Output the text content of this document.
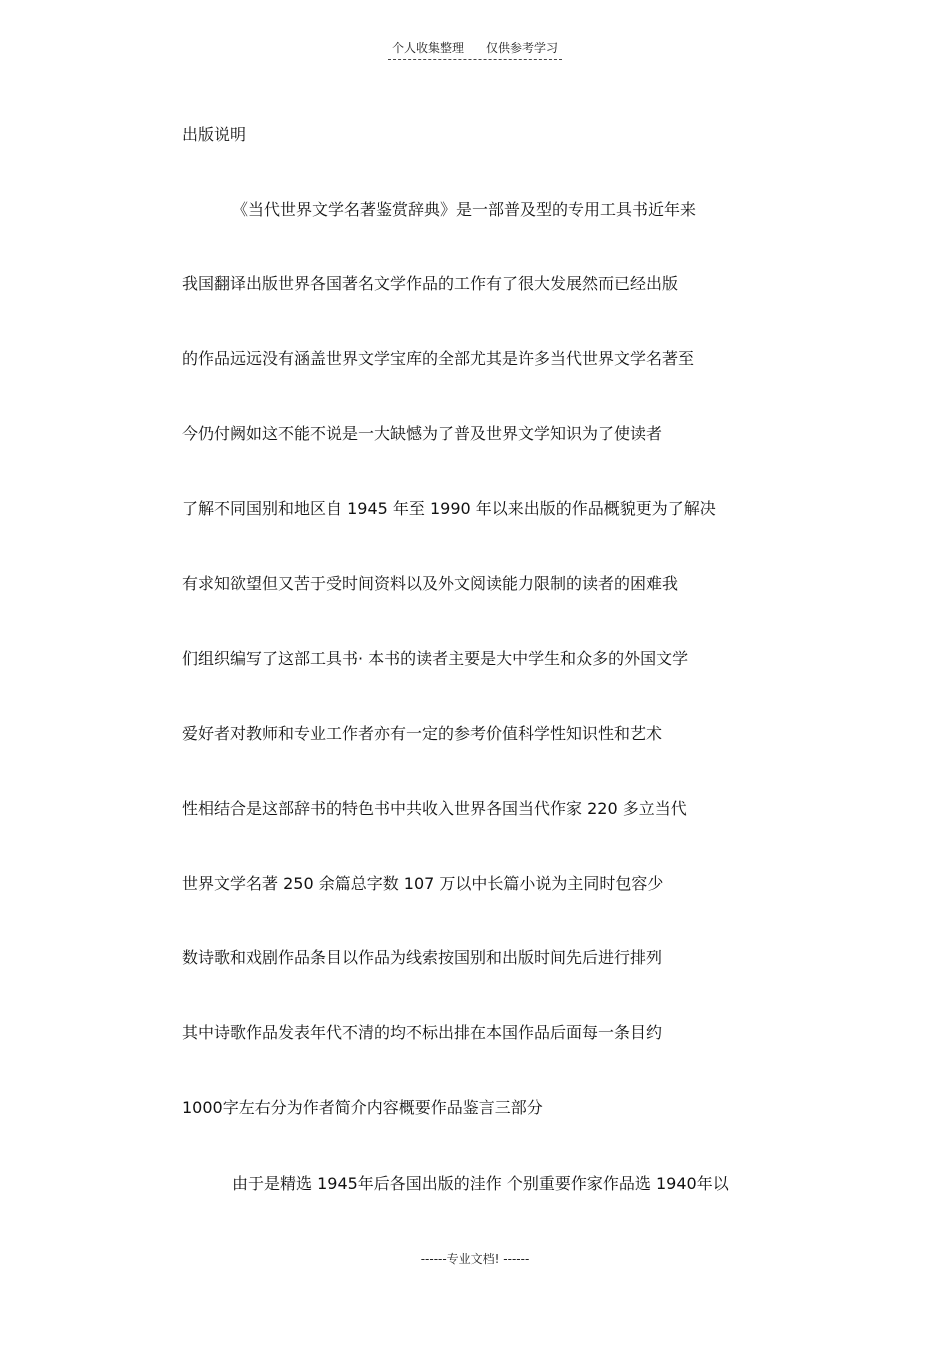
个人收集整理 仅供参考学习
出版说明
《当代世界文学名著鉴赏辞典》是一部普及型的专用工具书近年来
我国翻译出版世界各国著名文学作品的工作有了很大发展然而已经出版
的作品远远没有涵盖世界文学宝库的全部尤其是许多当代世界文学名著至
今仍付阙如这不能不说是一大缺憾为了普及世界文学知识为了使读者
了解不同国别和地区自 1945 年至 1990 年以来出版的作品概貌更为了解决
有求知欲望但又苦于受时间资料以及外文阅读能力限制的读者的困难我
们组织编写了这部工具书· 本书的读者主要是大中学生和众多的外国文学
爱好者对教师和专业工作者亦有一定的参考价值科学性知识性和艺术
性相结合是这部辞书的特色书中共收入世界各国当代作家 220 多立当代
世界文学名著 250 余篇总字数 107 万以中长篇小说为主同时包容少
数诗歌和戏剧作品条目以作品为线索按国别和出版时间先后进行排列
其中诗歌作品发表年代不清的均不标出排在本国作品后面每一条目约
1000字左右分为作者简介内容概要作品鉴言三部分
由于是精选 1945年后各国出版的洼作 个别重要作家作品选 1940年以
------专业文档! ------
